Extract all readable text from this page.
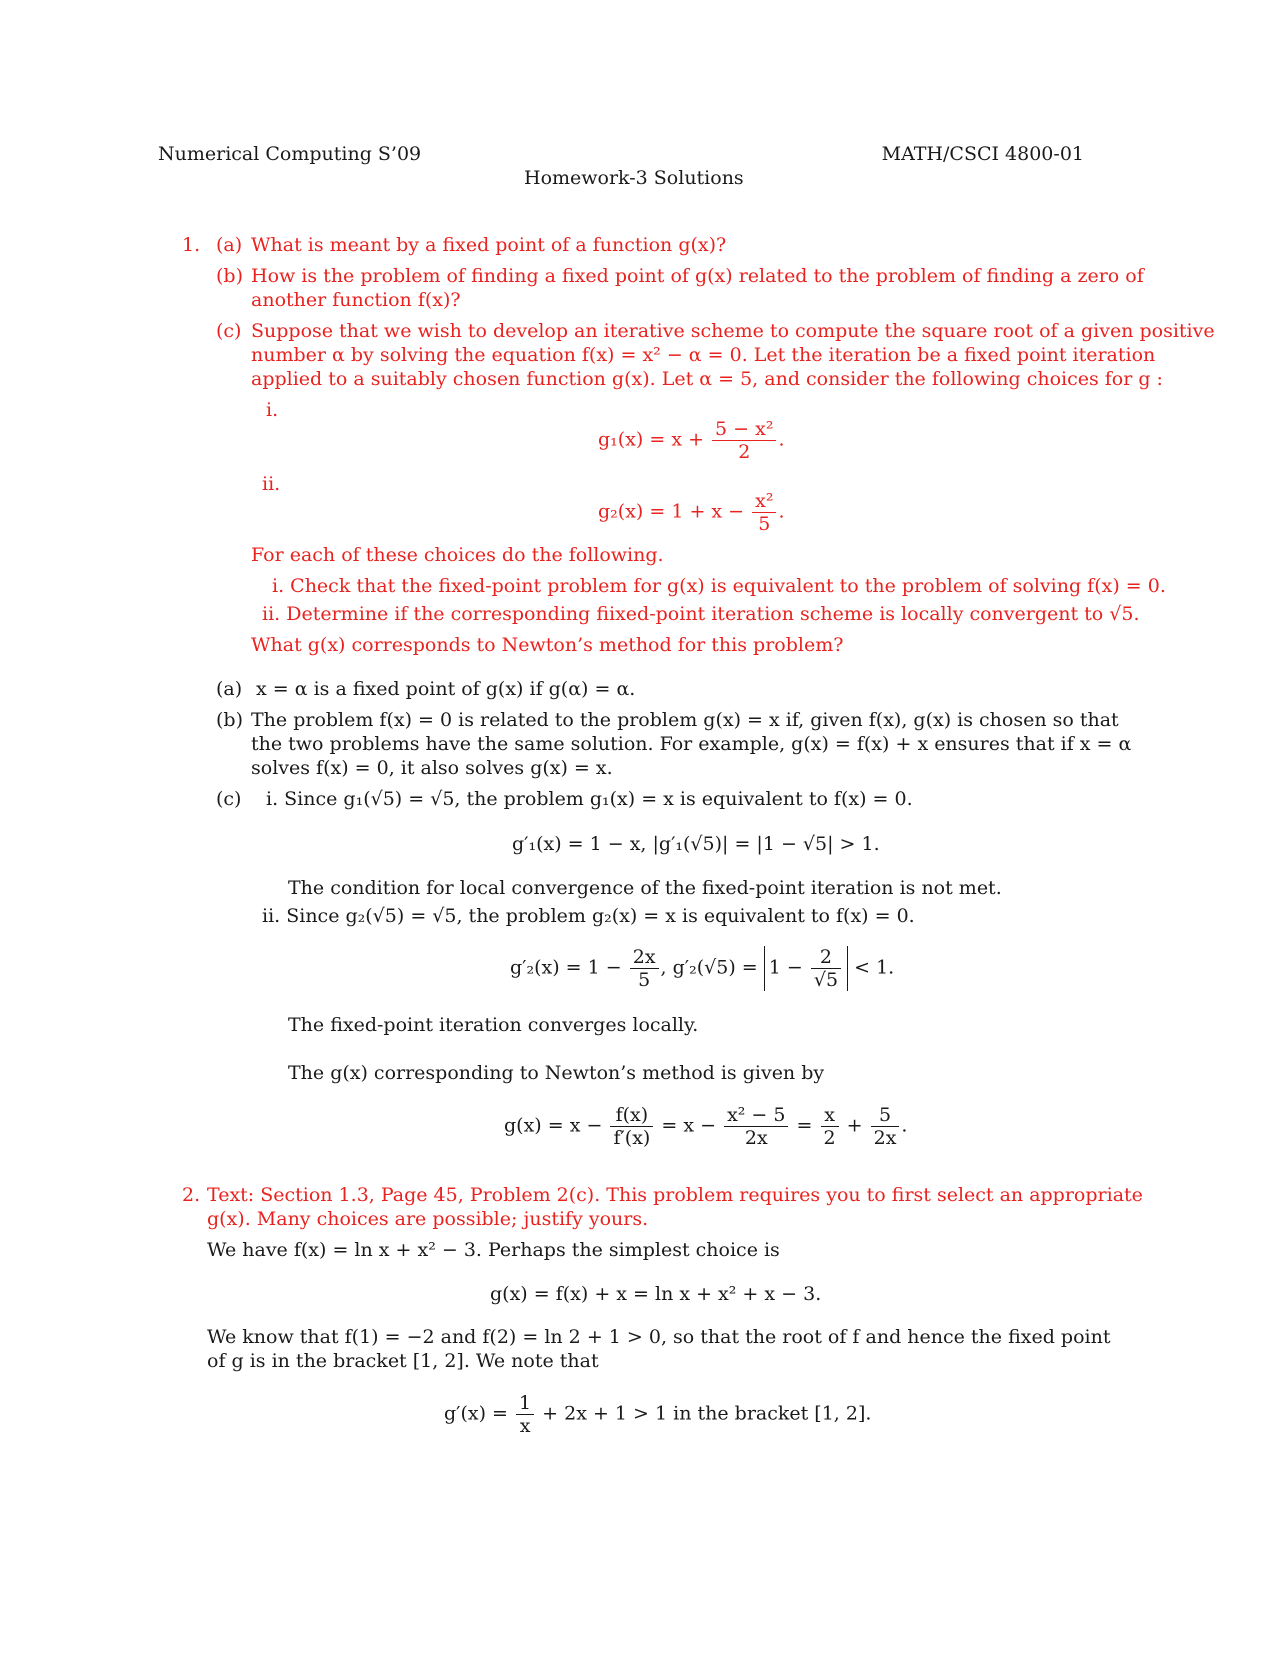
Numerical Computing S’09	MATH/CSCI 4800-01
Homework-3 Solutions
1. (a) What is meant by a fixed point of a function g(x)?
(b) How is the problem of finding a fixed point of g(x) related to the problem of finding a zero of
another function f(x)?
(c) Suppose that we wish to develop an iterative scheme to compute the square root of a given positive
number α by solving the equation f(x) = x² − α = 0. Let the iteration be a fixed point iteration
applied to a suitably chosen function g(x). Let α = 5, and consider the following choices for g :
i.
$g_1(x) = x + \frac{\text{5 − x²}}{2}$ .
ii.
$g_2(x) = 1 + x - \frac{\text{x²}}{5}$ .
For each of these choices do the following.
i. Check that the fixed-point problem for g(x) is equivalent to the problem of solving f(x) = 0.
ii. Determine if the corresponding fiixed-point iteration scheme is locally convergent to √5.
What g(x) corresponds to Newton’s method for this problem?
(a) x = α is a fixed point of g(x) if g(α) = α.
(b) The problem f(x) = 0 is related to the problem g(x) = x if, given f(x), g(x) is chosen so that
the two problems have the same solution. For example, g(x) = f(x) + x ensures that if x = α
solves f(x) = 0, it also solves g(x) = x.
(c) i. Since g₁(√5) = √5, the problem g₁(x) = x is equivalent to f(x) = 0.
g′₁(x) = 1 − x, |g′₁(√5)| = |1 − √5| > 1.
The condition for local convergence of the fixed-point iteration is not met.
ii. Since g₂(√5) = √5, the problem g₂(x) = x is equivalent to f(x) = 0.
$g'_2(x) = 1 - \frac{2x}{5}$ , $g'_2(√5) = 1 - \frac{2}{√5} < 1$.
The fixed-point iteration converges locally.
The g(x) corresponding to Newton’s method is given by
$g(x) = x - \frac{f(x)}{f'(x)} = x - \frac{\text{x² − 5}}{2x} = \frac{x}{2} + \frac{5}{2x}$ .
2. Text: Section 1.3, Page 45, Problem 2(c). This problem requires you to first select an appropriate
g(x). Many choices are possible; justify yours.
We have f(x) = ln x + x² − 3. Perhaps the simplest choice is
g(x) = f(x) + x = ln x + x² + x − 3.
We know that f(1) = −2 and f(2) = ln 2 + 1 > 0, so that the root of f and hence the fixed point
of g is in the bracket [1, 2]. We note that
$g'(x) = \frac{1}{x} + 2x + 1 > 1$ in the bracket [1, 2].
